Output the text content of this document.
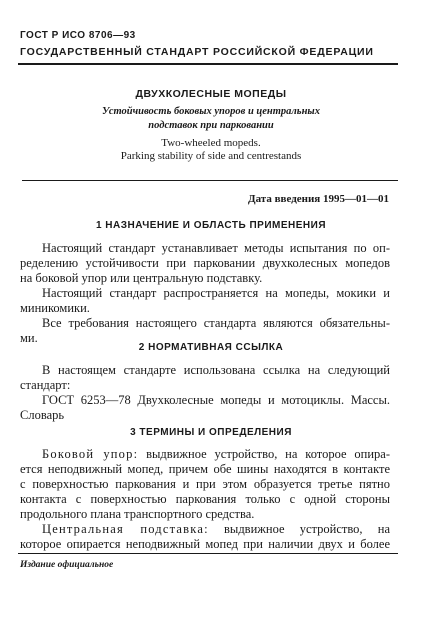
ГОСТ Р ИСО 8706—93
ГОСУДАРСТВЕННЫЙ СТАНДАРТ РОССИЙСКОЙ ФЕДЕРАЦИИ
ДВУХКОЛЕСНЫЕ МОПЕДЫ
Устойчивость боковых упоров и центральных
подставок при парковании
Two-wheeled mopeds.
Parking stability of side and centrestands
Дата введения 1995—01—01
1 НАЗНАЧЕНИЕ И ОБЛАСТЬ ПРИМЕНЕНИЯ
Настоящий стандарт устанавливает методы испытания по оп-
ределению устойчивости при парковании двухколесных мопедов
на боковой упор или центральную подставку.
Настоящий стандарт распространяется на мопеды, мокики и
миникомики.
Все требования настоящего стандарта являются обязательны-
ми.
2 НОРМАТИВНАЯ ССЫЛКА
В настоящем стандарте использована ссылка на следующий
стандарт:
ГОСТ 6253—78 Двухколесные мопеды и мотоциклы. Массы.
Словарь
3 ТЕРМИНЫ И ОПРЕДЕЛЕНИЯ
Боковой упор: выдвижное устройство, на которое опира-
ется неподвижный мопед, причем обе шины находятся в контакте
с поверхностью паркования и при этом образуется третье пятно
контакта с поверхностью паркования только с одной стороны
продольного плана транспортного средства.
Центральная подставка: выдвижное устройство, на
которое опирается неподвижный мопед при наличии двух и более
Издание официальное
